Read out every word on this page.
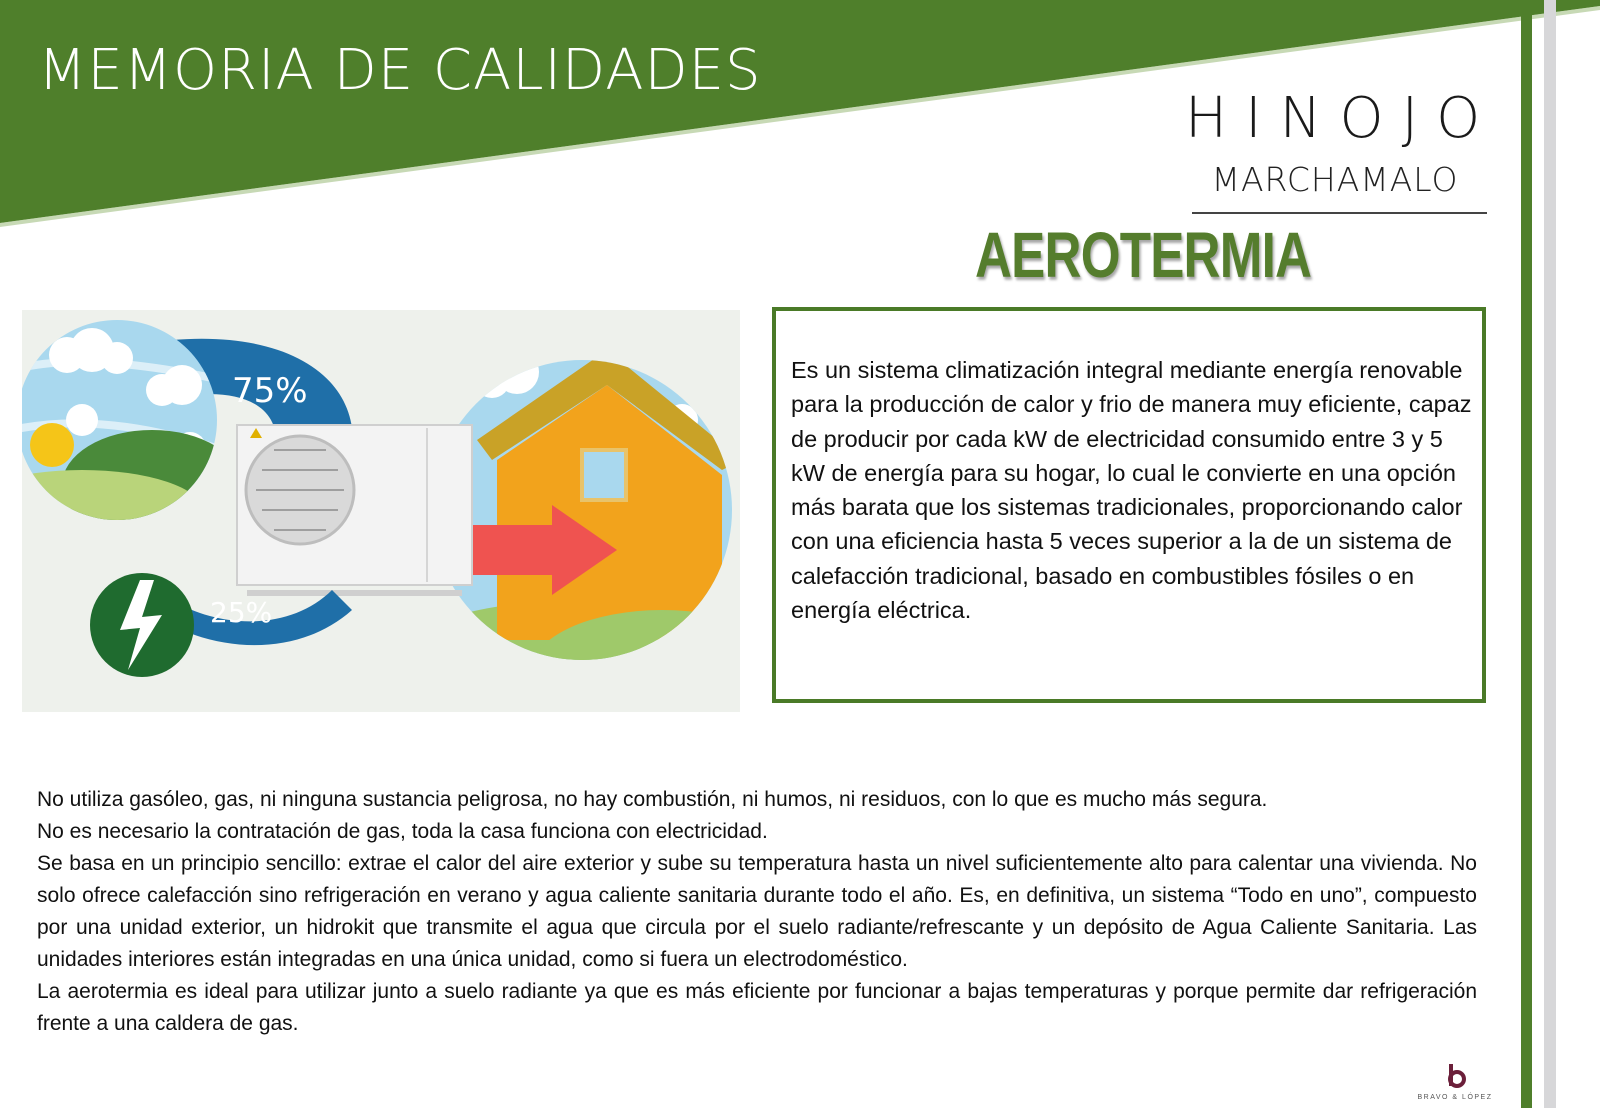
MEMORIA DE CALIDADES
HINOJO
MARCHAMALO
AEROTERMIA
75%
25%
Es un sistema climatización integral mediante energía renovable para la producción de calor y frio de manera muy eficiente, capaz de producir por cada kW de electricidad consumido entre 3 y 5 kW de energía para su hogar, lo cual le convierte en una opción más barata que los sistemas tradicionales, proporcionando calor con una eficiencia hasta 5 veces superior a la de un sistema de calefacción tradicional, basado en combustibles fósiles o en energía eléctrica.

No utiliza gasóleo, gas, ni ninguna sustancia peligrosa, no hay combustión, ni humos, ni residuos, con lo que es mucho más segura.

No es necesario la contratación de gas, toda la casa funciona con electricidad.

Se basa en un principio sencillo: extrae el calor del aire exterior y sube su temperatura hasta un nivel suficientemente alto para calentar una vivienda. No solo ofrece calefacción sino refrigeración en verano y agua caliente sanitaria durante todo el año. Es, en definitiva, un sistema “Todo en uno”, compuesto por una unidad exterior, un hidrokit que transmite el agua que circula por el suelo radiante/refrescante y un depósito de Agua Caliente Sanitaria. Las unidades interiores están integradas en una única unidad, como si fuera un electrodoméstico.

La aerotermia es ideal para utilizar junto a suelo radiante ya que es más eficiente por funcionar a bajas temperaturas y porque permite dar refrigeración frente a una caldera de gas.

BRAVO & LÓPEZ
